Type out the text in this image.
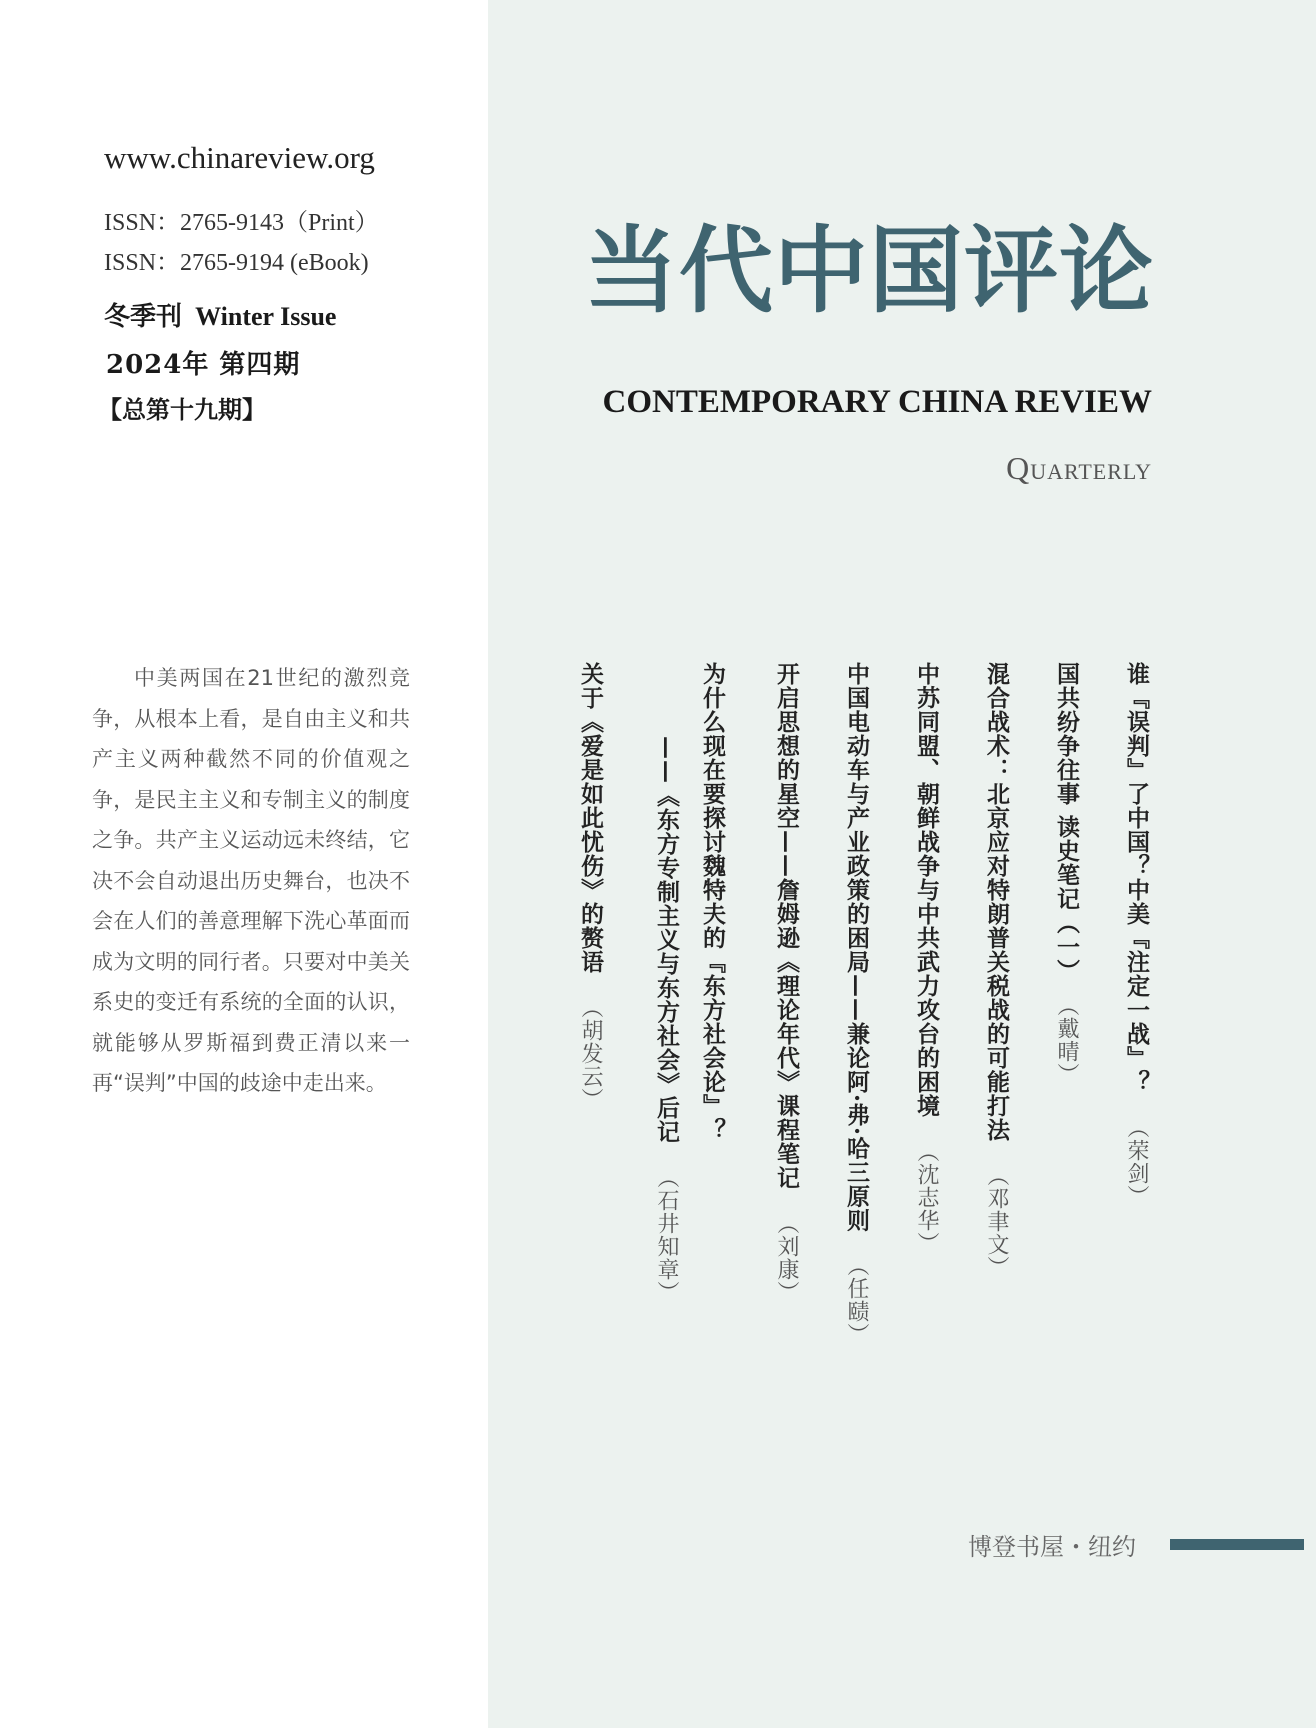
www.chinareview.org
ISSN：2765-9143（Print）
ISSN：2765-9194 (eBook)
冬季刊 Winter Issue
2024年 第四期
【总第十九期】

中美两国在21世纪的激烈竞争，从根本上看，是自由主义和共产主义两种截然不同的价值观之争，是民主主义和专制主义的制度之争。共产主义运动远未终结，它决不会自动退出历史舞台，也决不会在人们的善意理解下洗心革面而成为文明的同行者。只要对中美关系史的变迁有系统的全面的认识，就能够从罗斯福到费正清以来一再“误判”中国的歧途中走出来。

当代中国评论
CONTEMPORARY CHINA REVIEW
Quarterly
谁『误判』了中国？中美『注定一战』？（荣剑）
国共纷争往事 读史笔记（一）（戴晴）
混合战术：北京应对特朗普关税战的可能打法（邓聿文）
中苏同盟、朝鲜战争与中共武力攻台的困境（沈志华）
中国电动车与产业政策的困局——兼论阿·弗·哈三原则（任赜）
开启思想的星空——詹姆逊《理论年代》课程笔记（刘康）
为什么现在要探讨魏特夫的『东方社会论』？
——《东方专制主义与东方社会》后记（石井知章）
关于《爱是如此忧伤》的赘语（胡发云）
博登书屋・纽约
